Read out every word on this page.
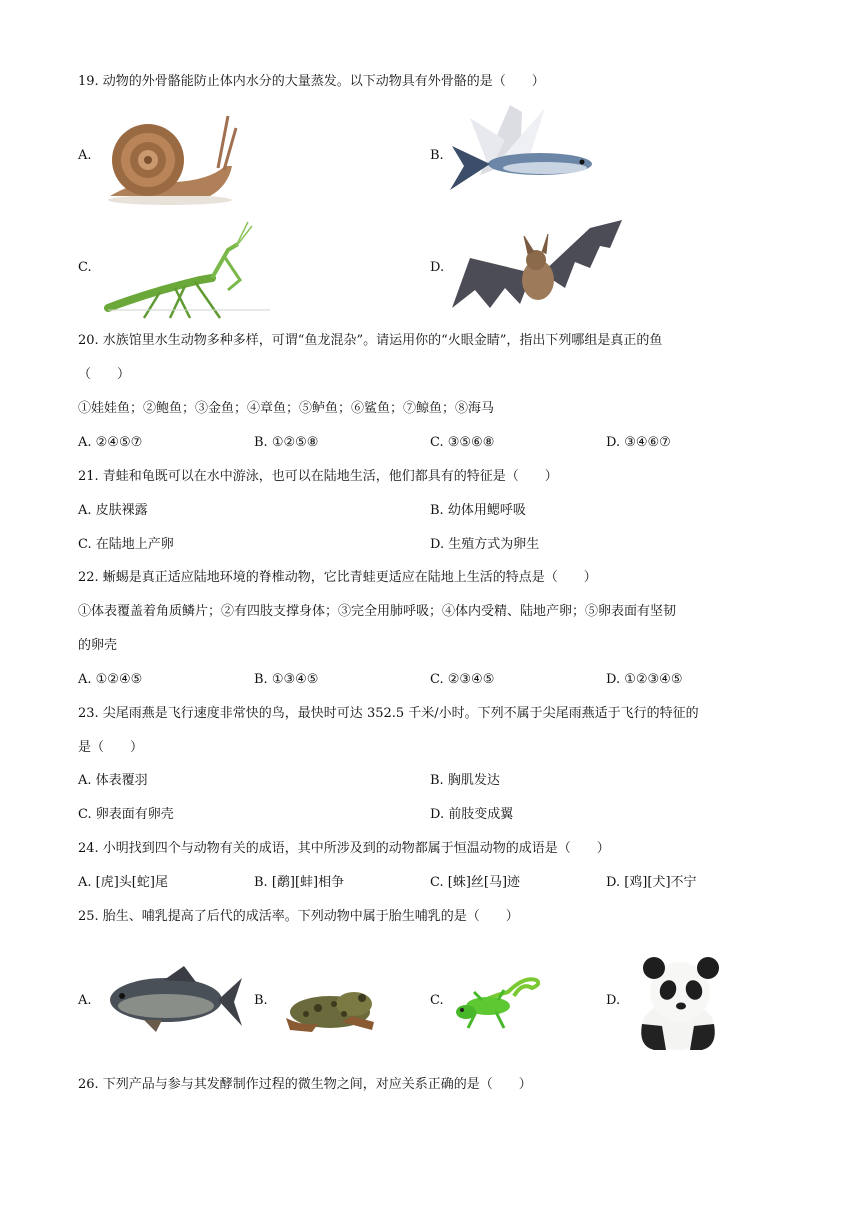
19. 动物的外骨骼能防止体内水分的大量蒸发。以下动物具有外骨骼的是（　　）
A.	B.
C.	D.
20. 水族馆里水生动物多种多样，可谓“鱼龙混杂”。请运用你的“火眼金睛”，指出下列哪组是真正的鱼
（　　）
①娃娃鱼；②鲍鱼；③金鱼；④章鱼；⑤鲈鱼；⑥鲨鱼；⑦鲸鱼；⑧海马
A. ②④⑤⑦	B. ①②⑤⑧	C. ③⑤⑥⑧	D. ③④⑥⑦
21. 青蛙和龟既可以在水中游泳，也可以在陆地生活，他们都具有的特征是（　　）
A. 皮肤裸露	B. 幼体用鳃呼吸
C. 在陆地上产卵	D. 生殖方式为卵生
22. 蜥蜴是真正适应陆地环境的脊椎动物，它比青蛙更适应在陆地上生活的特点是（　　）
①体表覆盖着角质鳞片；②有四肢支撑身体；③完全用肺呼吸；④体内受精、陆地产卵；⑤卵表面有坚韧
的卵壳
A. ①②④⑤	B. ①③④⑤	C. ②③④⑤	D. ①②③④⑤
23. 尖尾雨燕是飞行速度非常快的鸟，最快时可达 352.5 千米/小时。下列不属于尖尾雨燕适于飞行的特征的
是（　　）
A. 体表覆羽	B. 胸肌发达
C. 卵表面有卵壳	D. 前肢变成翼
24. 小明找到四个与动物有关的成语，其中所涉及到的动物都属于恒温动物的成语是（　　）
A. [虎]头[蛇]尾	B. [鹬][蚌]相争	C. [蛛]丝[马]迹	D. [鸡][犬]不宁
25. 胎生、哺乳提高了后代的成活率。下列动物中属于胎生哺乳的是（　　）
A.	B.	C.	D.
26. 下列产品与参与其发酵制作过程的微生物之间，对应关系正确的是（　　）
